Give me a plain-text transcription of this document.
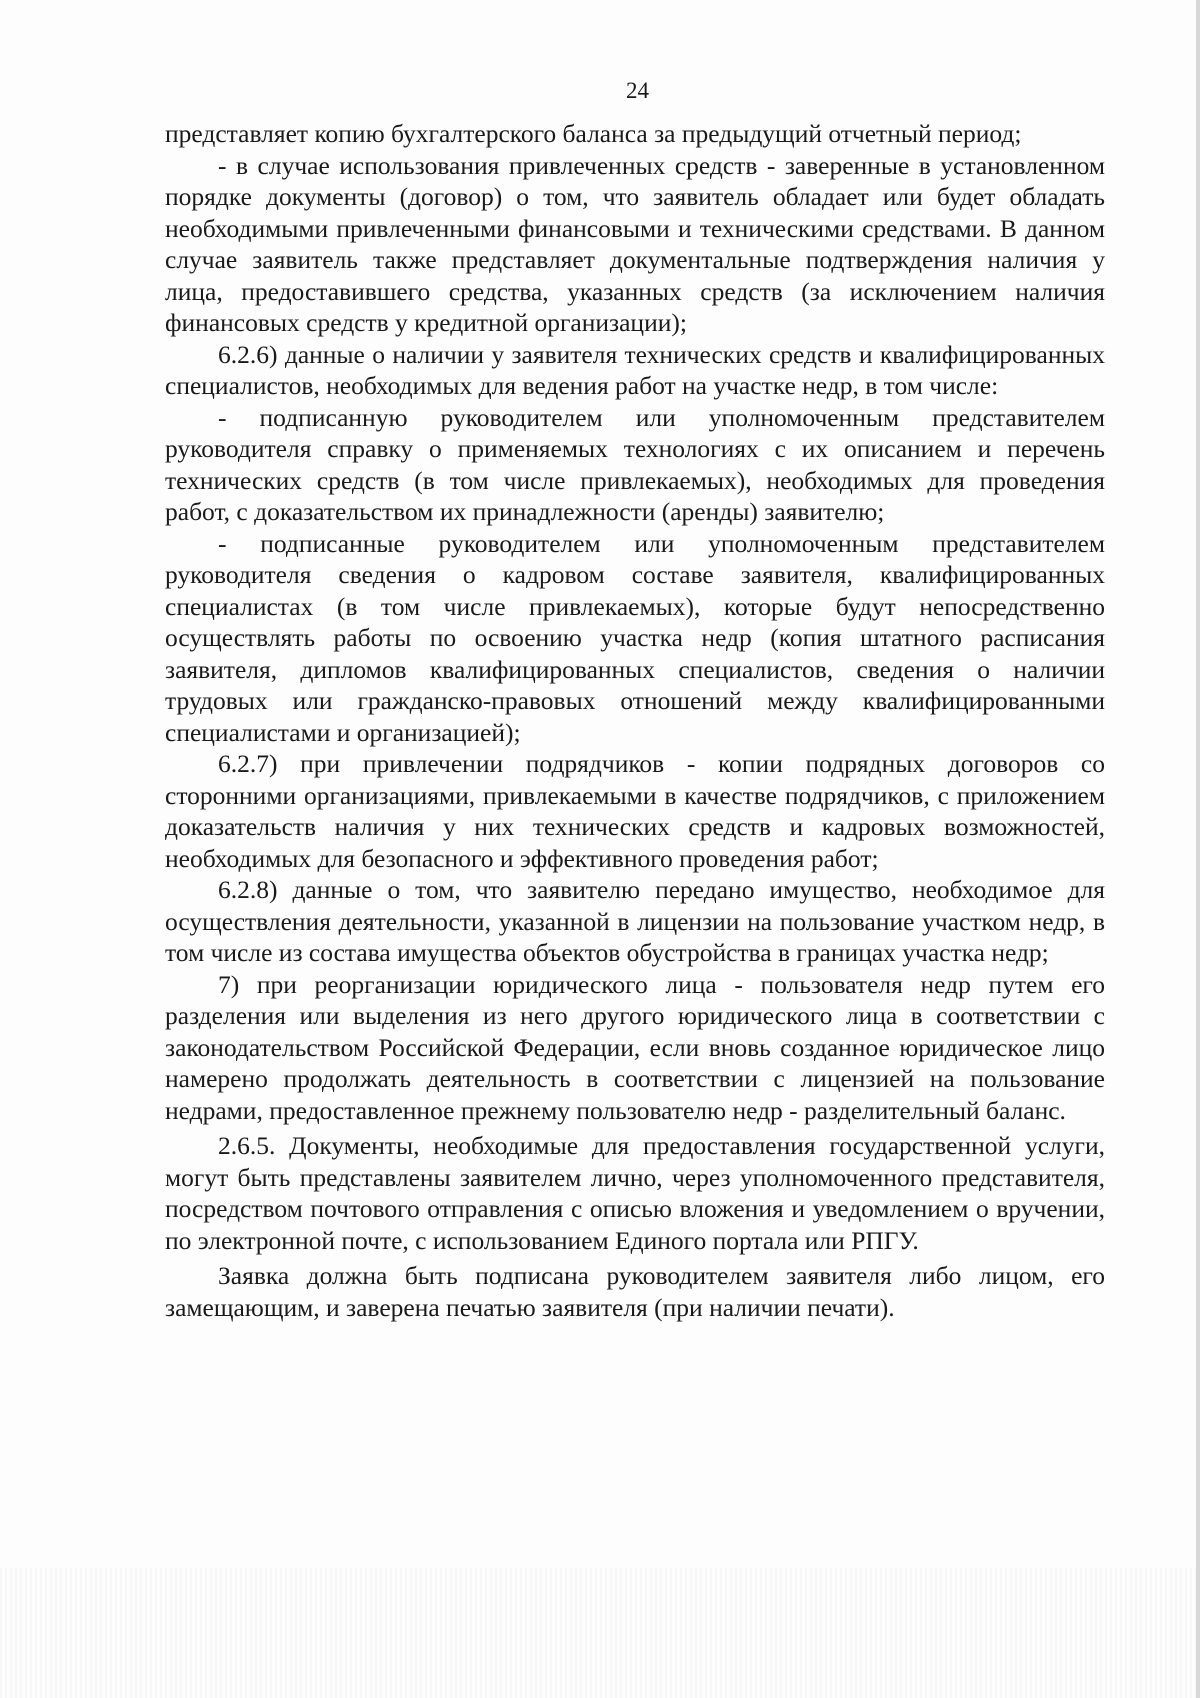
24

представляет копию бухгалтерского баланса за предыдущий отчетный период;

- в случае использования привлеченных средств - заверенные в установленном порядке документы (договор) о том, что заявитель обладает или будет обладать необходимыми привлеченными финансовыми и техническими средствами. В данном случае заявитель также представляет документальные подтверждения наличия у лица, предоставившего средства, указанных средств (за исключением наличия финансовых средств у кредитной организации);

6.2.6) данные о наличии у заявителя технических средств и квалифицированных специалистов, необходимых для ведения работ на участке недр, в том числе:

- подписанную руководителем или уполномоченным представителем руководителя справку о применяемых технологиях с их описанием и перечень технических средств (в том числе привлекаемых), необходимых для проведения работ, с доказательством их принадлежности (аренды) заявителю;

- подписанные руководителем или уполномоченным представителем руководителя сведения о кадровом составе заявителя, квалифицированных специалистах (в том числе привлекаемых), которые будут непосредственно осуществлять работы по освоению участка недр (копия штатного расписания заявителя, дипломов квалифицированных специалистов, сведения о наличии трудовых или гражданско-правовых отношений между квалифицированными специалистами и организацией);

6.2.7) при привлечении подрядчиков - копии подрядных договоров со сторонними организациями, привлекаемыми в качестве подрядчиков, с приложением доказательств наличия у них технических средств и кадровых возможностей, необходимых для безопасного и эффективного проведения работ;

6.2.8) данные о том, что заявителю передано имущество, необходимое для осуществления деятельности, указанной в лицензии на пользование участком недр, в том числе из состава имущества объектов обустройства в границах участка недр;

7) при реорганизации юридического лица - пользователя недр путем его разделения или выделения из него другого юридического лица в соответствии с законодательством Российской Федерации, если вновь созданное юридическое лицо намерено продолжать деятельность в соответствии с лицензией на пользование недрами, предоставленное прежнему пользователю недр - разделительный баланс.

2.6.5. Документы, необходимые для предоставления государственной услуги, могут быть представлены заявителем лично, через уполномоченного представителя, посредством почтового отправления с описью вложения и уведомлением о вручении, по электронной почте, с использованием Единого портала или РПГУ.

Заявка должна быть подписана руководителем заявителя либо лицом, его замещающим, и заверена печатью заявителя (при наличии печати).
